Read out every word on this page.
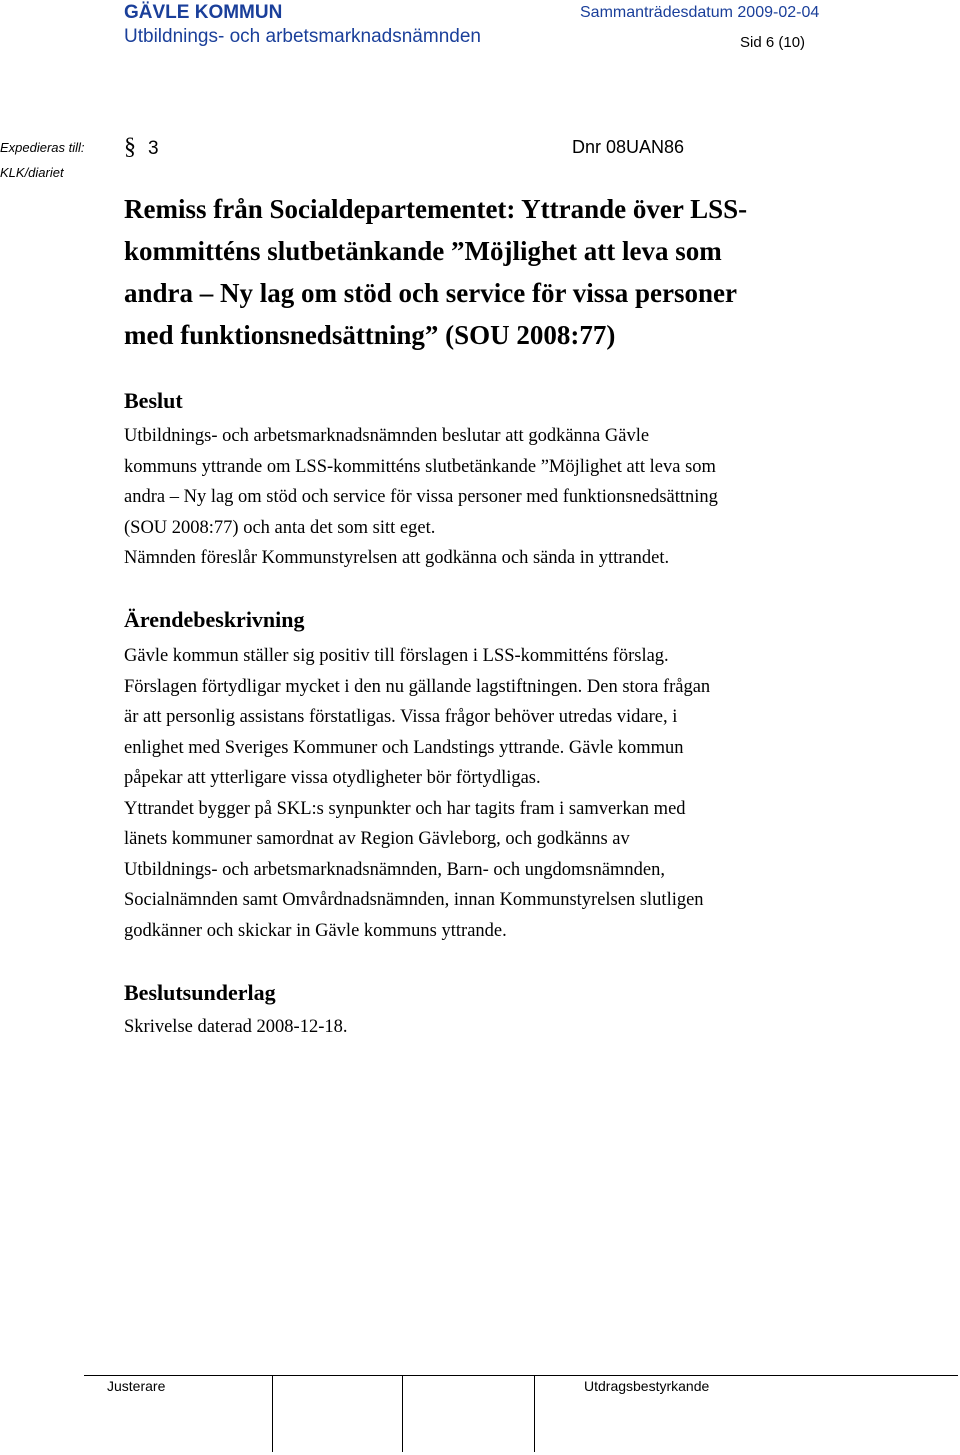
GÄVLE KOMMUN
Utbildnings- och arbetsmarknadsnämnden
Sammanträdesdatum 2009-02-04
Sid 6 (10)
Expedieras till:
KLK/diariet
§ 3	Dnr 08UAN86
Remiss från Socialdepartementet: Yttrande över LSS-
kommitténs slutbetänkande ”Möjlighet att leva som
andra – Ny lag om stöd och service för vissa personer
med funktionsnedsättning” (SOU 2008:77)
Beslut

Utbildnings- och arbetsmarknadsnämnden beslutar att godkänna Gävle

kommuns yttrande om LSS-kommitténs slutbetänkande ”Möjlighet att leva som

andra – Ny lag om stöd och service för vissa personer med funktionsnedsättning

(SOU 2008:77) och anta det som sitt eget.

Nämnden föreslår Kommunstyrelsen att godkänna och sända in yttrandet.

Ärendebeskrivning

Gävle kommun ställer sig positiv till förslagen i LSS-kommitténs förslag.

Förslagen förtydligar mycket i den nu gällande lagstiftningen. Den stora frågan

är att personlig assistans förstatligas. Vissa frågor behöver utredas vidare, i

enlighet med Sveriges Kommuner och Landstings yttrande. Gävle kommun

påpekar att ytterligare vissa otydligheter bör förtydligas.

Yttrandet bygger på SKL:s synpunkter och har tagits fram i samverkan med

länets kommuner samordnat av Region Gävleborg, och godkänns av

Utbildnings- och arbetsmarknadsnämnden, Barn- och ungdomsnämnden,

Socialnämnden samt Omvårdnadsnämnden, innan Kommunstyrelsen slutligen

godkänner och skickar in Gävle kommuns yttrande.

Beslutsunderlag

Skrivelse daterad 2008-12-18.

Justerare	Utdragsbestyrkande
